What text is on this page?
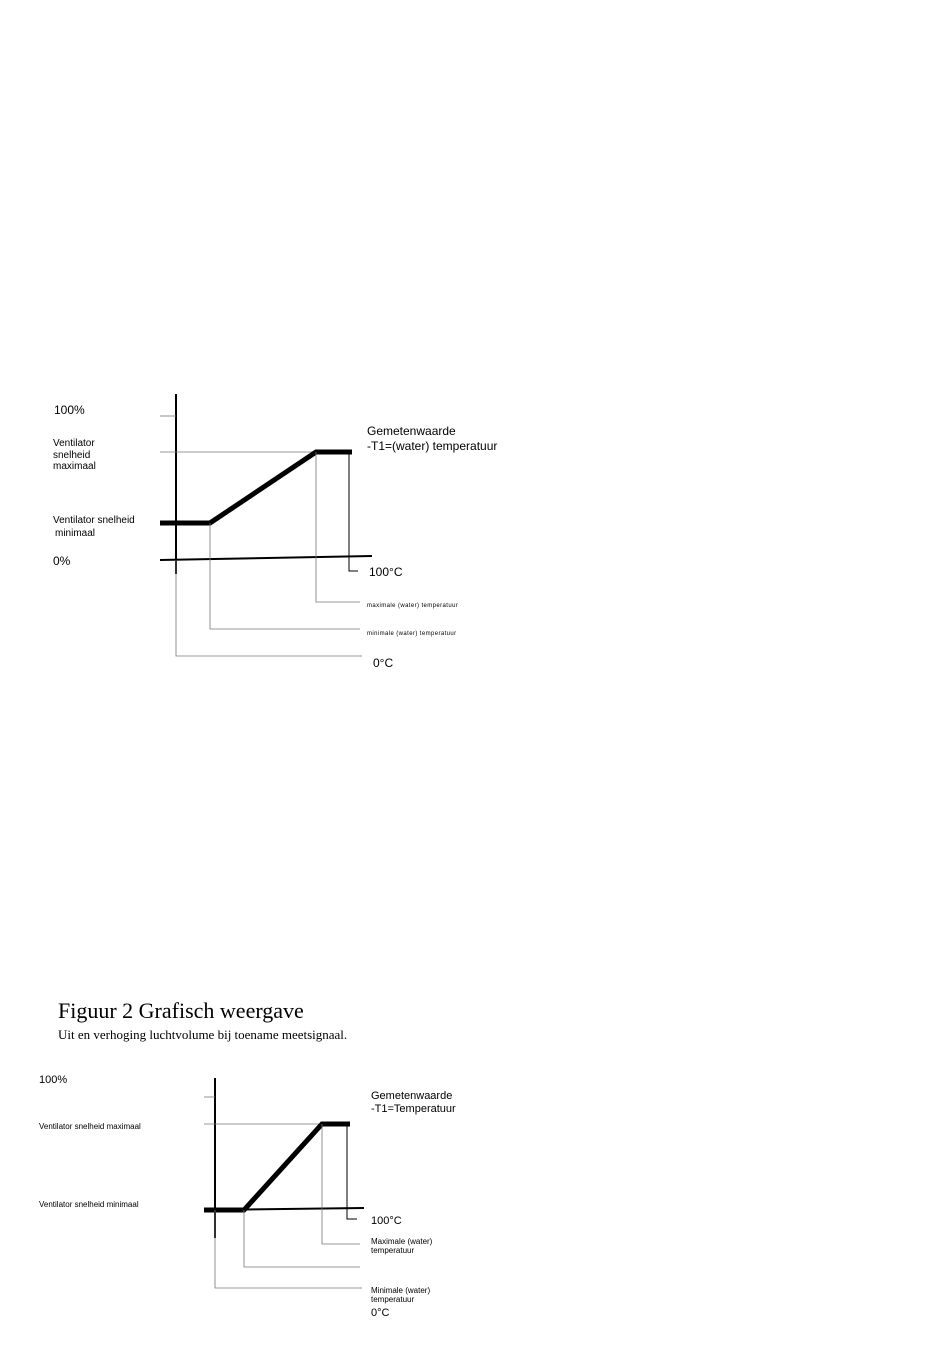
100%
Ventilator snelheid maximaal
Ventilator snelheid
minimaal
0%
Gemetenwaarde
-T1=(water) temperatuur
100°C
maximale (water) temperatuur
minimale (water) temperatuur
0°C
Figuur 2 Grafisch weergave
Uit en verhoging luchtvolume bij toename meetsignaal.
100%
Ventilator snelheid maximaal
Ventilator snelheid minimaal
Gemetenwaarde
-T1=Temperatuur
100°C
Maximale (water) temperatuur
Minimale (water) temperatuur
0°C
